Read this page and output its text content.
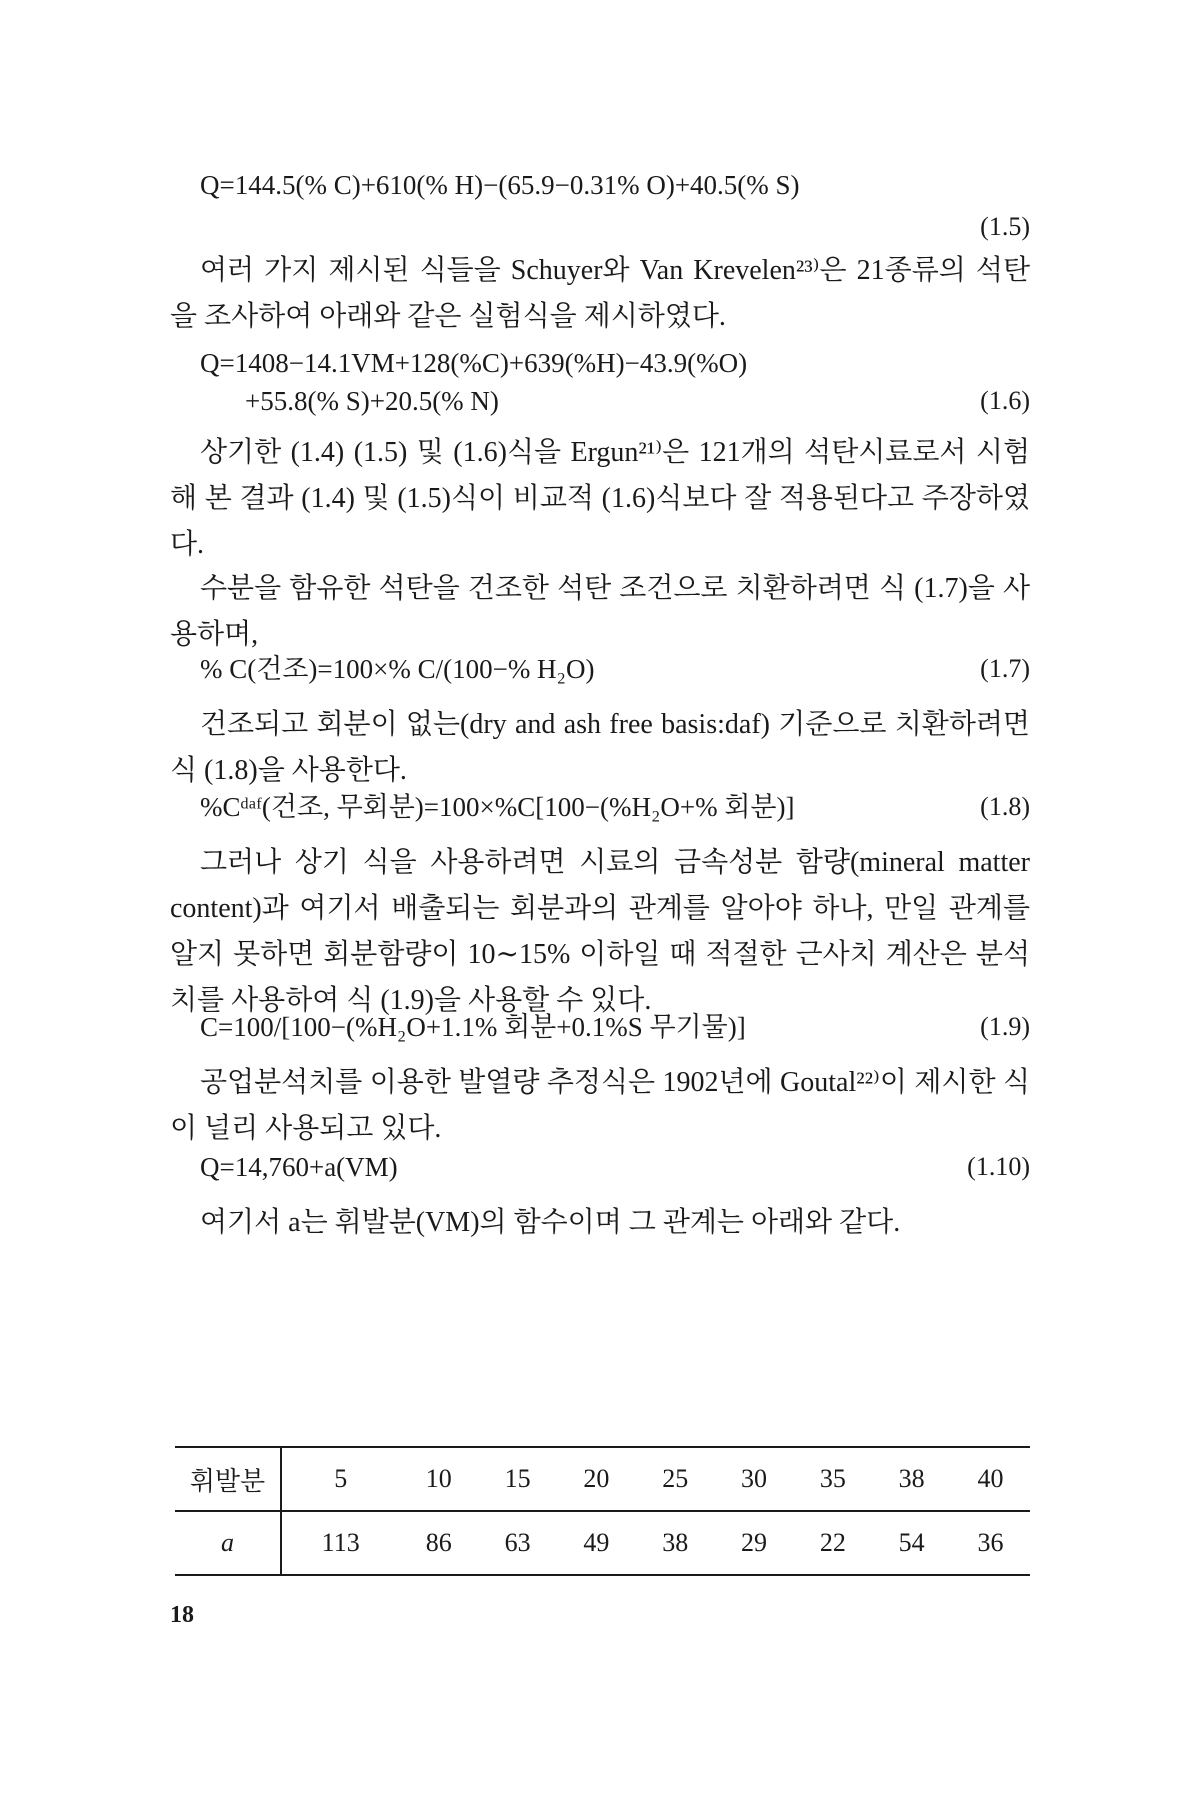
Q=144.5(% C)+610(% H)−(65.9−0.31% O)+40.5(% S)
(1.5)
여러 가지 제시된 식들을 Schuyer와 Van Krevelen²³⁾은 21종류의 석탄을 조사하여 아래와 같은 실험식을 제시하였다.
Q=1408−14.1VM+128(%C)+639(%H)−43.9(%O)
+55.8(% S)+20.5(% N)	(1.6)
상기한 (1.4) (1.5) 및 (1.6)식을 Ergun²¹⁾은 121개의 석탄시료로서 시험해 본 결과 (1.4) 및 (1.5)식이 비교적 (1.6)식보다 잘 적용된다고 주장하였다.
수분을 함유한 석탄을 건조한 석탄 조건으로 치환하려면 식 (1.7)을 사용하며,
% C(건조)=100×% C/(100−% H₂O)	(1.7)
건조되고 회분이 없는(dry and ash free basis:daf) 기준으로 치환하려면 식 (1.8)을 사용한다.
%Cᵈᵃᶠ(건조, 무회분)=100×%C[100−(%H₂O+% 회분)]	(1.8)
그러나 상기 식을 사용하려면 시료의 금속성분 함량(mineral matter content)과 여기서 배출되는 회분과의 관계를 알아야 하나, 만일 관계를 알지 못하면 회분함량이 10∼15% 이하일 때 적절한 근사치 계산은 분석치를 사용하여 식 (1.9)을 사용할 수 있다.
C=100/[100−(%H₂O+1.1% 회분+0.1%S 무기물)]	(1.9)
공업분석치를 이용한 발열량 추정식은 1902년에 Goutal²²⁾이 제시한 식이 널리 사용되고 있다.
Q=14,760+a(VM)	(1.10)
여기서 a는 휘발분(VM)의 함수이며 그 관계는 아래와 같다.
휘발분	5	10	15	20	25	30	35	38	40
a	113	86	63	49	38	29	22	54	36
18
